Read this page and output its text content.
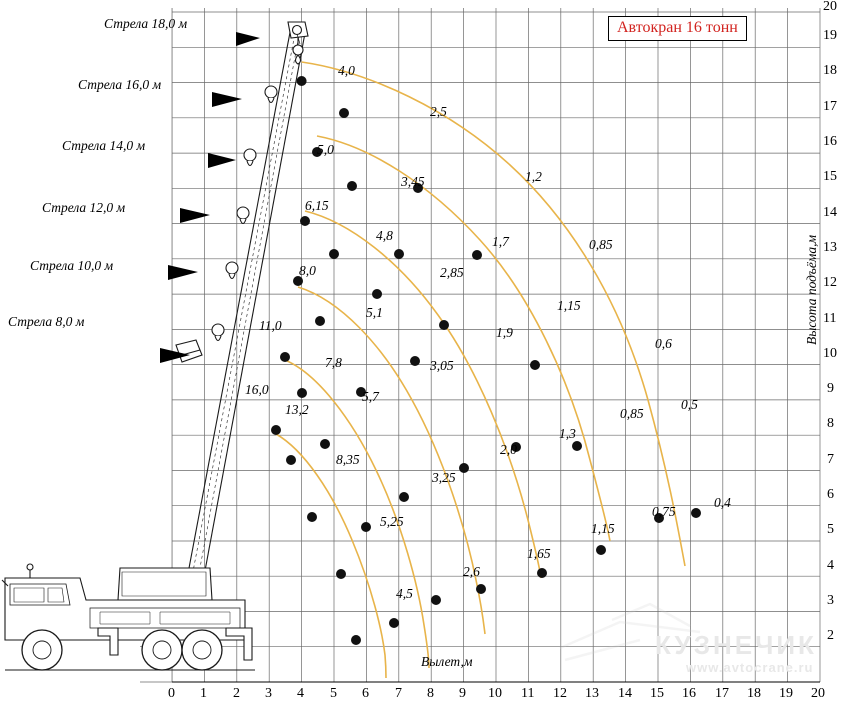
Автокран 16 тонн
Стрела 18,0 м
Стрела 16,0 м
Стрела 14,0 м
Стрела 12,0 м
Стрела 10,0 м
Стрела 8,0 м
4,0
2,5
1,2
0,85
0,6
0,5
0,4
5,0
3,45
1,7
1,15
0,85
1,15
6,15
4,8
2,85
1,9
1,3
8,0
5,1
3,05
2,0
1,65
11,0
7,8
5,7
3,25
2,6
16,0
13,2
8,35
5,25
4,5
0,75
Вылет,м
Высота подъёма,м
0 1 2 3 4 5 6 7 8 9 10 11 12 13 14 15 16 17 18 19 20
2
3
4
5
6
7
8
9
10
11
12
13
14
15
16
17
18
19
20
КУЗНЕЧИК
www.avtocrane.ru
